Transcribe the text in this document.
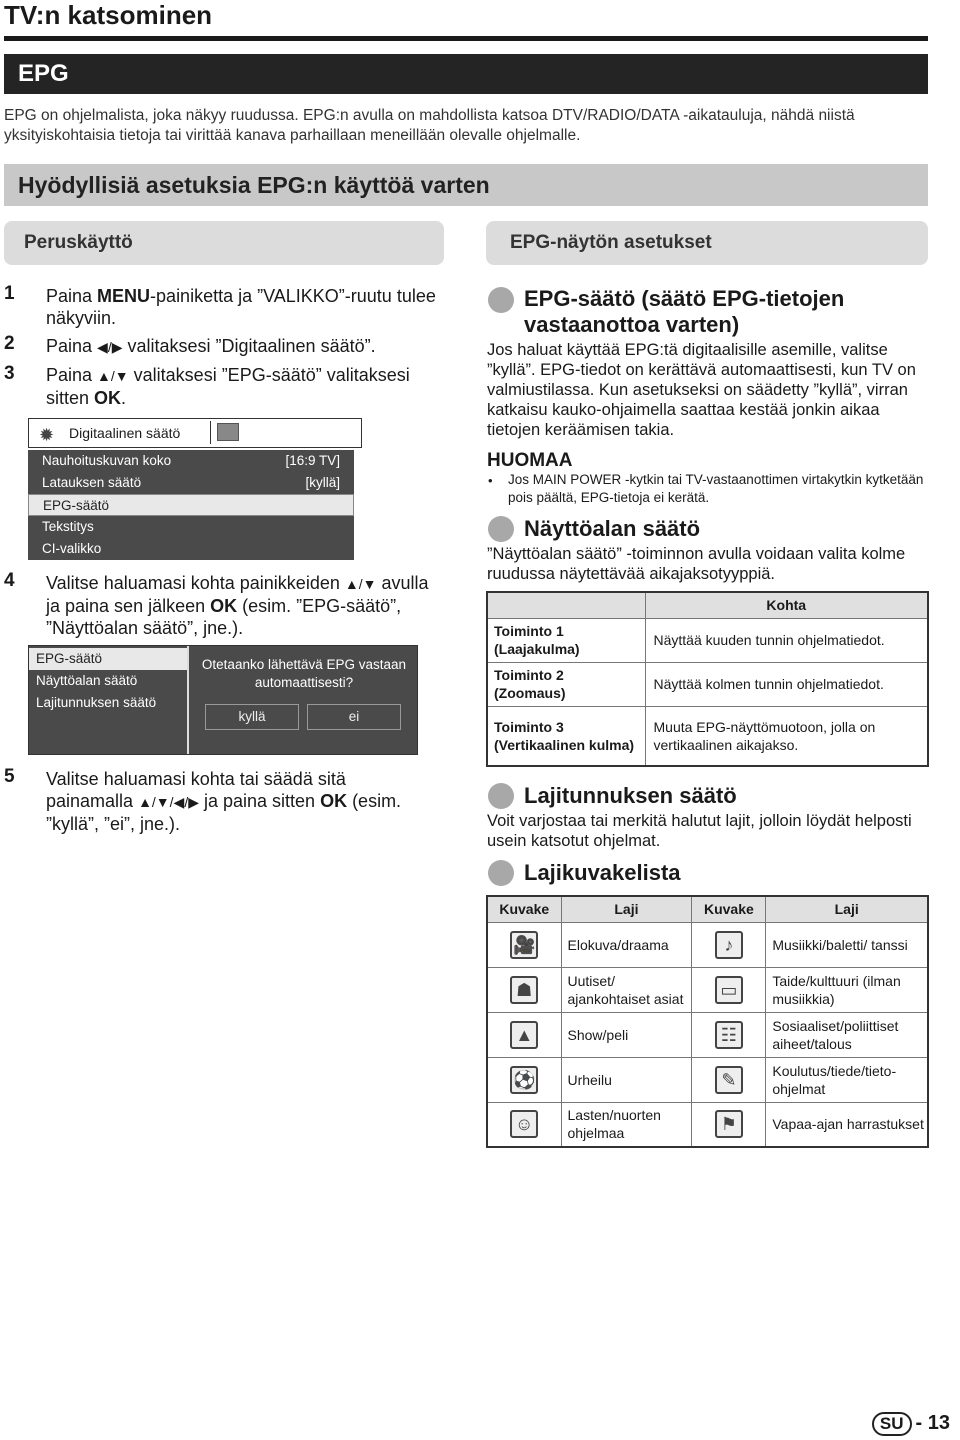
TV:n katsominen
EPG
EPG on ohjelmalista, joka näkyy ruudussa. EPG:n avulla on mahdollista katsoa DTV/RADIO/DATA -aikatauluja, nähdä niistä yksityiskohtaisia tietoja tai virittää kanava parhaillaan meneillään olevalle ohjelmalle.
Hyödyllisiä asetuksia EPG:n käyttöä varten
Peruskäyttö	EPG-näytön asetukset
1 Paina MENU-painiketta ja ”VALIKKO”-ruutu tulee näkyviin.
2 Paina ◀/▶ valitaksesi ”Digitaalinen säätö”.
3 Paina ▲/▼ valitaksesi ”EPG-säätö” valitaksesi sitten OK.
✹	Digitaalinen säätö
Nauhoituskuvan koko	[16:9 TV]
Latauksen säätö	[kyllä]
EPG-säätö
Tekstitys
CI-valikko
4 Valitse haluamasi kohta painikkeiden ▲/▼ avulla ja paina sen jälkeen OK (esim. ”EPG-säätö”, ”Näyttöalan säätö”, jne.).
EPG-säätö
Näyttöalan säätö
Lajitunnuksen säätö
Otetaanko lähettävä EPG vastaan automaattisesti?
kyllä	ei
5 Valitse haluamasi kohta tai säädä sitä painamalla ▲/▼/◀/▶ ja paina sitten OK (esim. ”kyllä”, ”ei”, jne.).
EPG-säätö (säätö EPG-tietojen vastaanottoa varten)
Jos haluat käyttää EPG:tä digitaalisille asemille, valitse ”kyllä”. EPG-tiedot on kerättävä automaattisesti, kun TV on valmiustilassa. Kun asetukseksi on säädetty ”kyllä”, virran katkaisu kauko-ohjaimella saattaa kestää jonkin aikaa tietojen keräämisen takia.
HUOMAA
• Jos MAIN POWER -kytkin tai TV-vastaanottimen virtakytkin kytketään pois päältä, EPG-tietoja ei kerätä.
Näyttöalan säätö
”Näyttöalan säätö” -toiminnon avulla voidaan valita kolme ruudussa näytettävää aikajaksotyyppiä.
	Kohta
Toiminto 1 (Laajakulma)	Näyttää kuuden tunnin ohjelmatiedot.
Toiminto 2 (Zoomaus)	Näyttää kolmen tunnin ohjelmatiedot.
Toiminto 3 (Vertikaalinen kulma)	Muuta EPG-näyttömuotoon, jolla on vertikaalinen aikajakso.
Lajitunnuksen säätö
Voit varjostaa tai merkitä halutut lajit, jolloin löydät helposti usein katsotut ohjelmat.
Lajikuvakelista
Kuvake	Laji	Kuvake	Laji
🎥	Elokuva/draama	♪	Musiikki/baletti/ tanssi
☗	Uutiset/ ajankohtaiset asiat	▭	Taide/kulttuuri (ilman musiikkia)
▲	Show/peli	☷	Sosiaaliset/poliittiset aiheet/talous
⚽	Urheilu	✎	Koulutus/tiede/tieto- ohjelmat
☺	Lasten/nuorten ohjelmaa	⚑	Vapaa-ajan harrastukset
SU - 13
